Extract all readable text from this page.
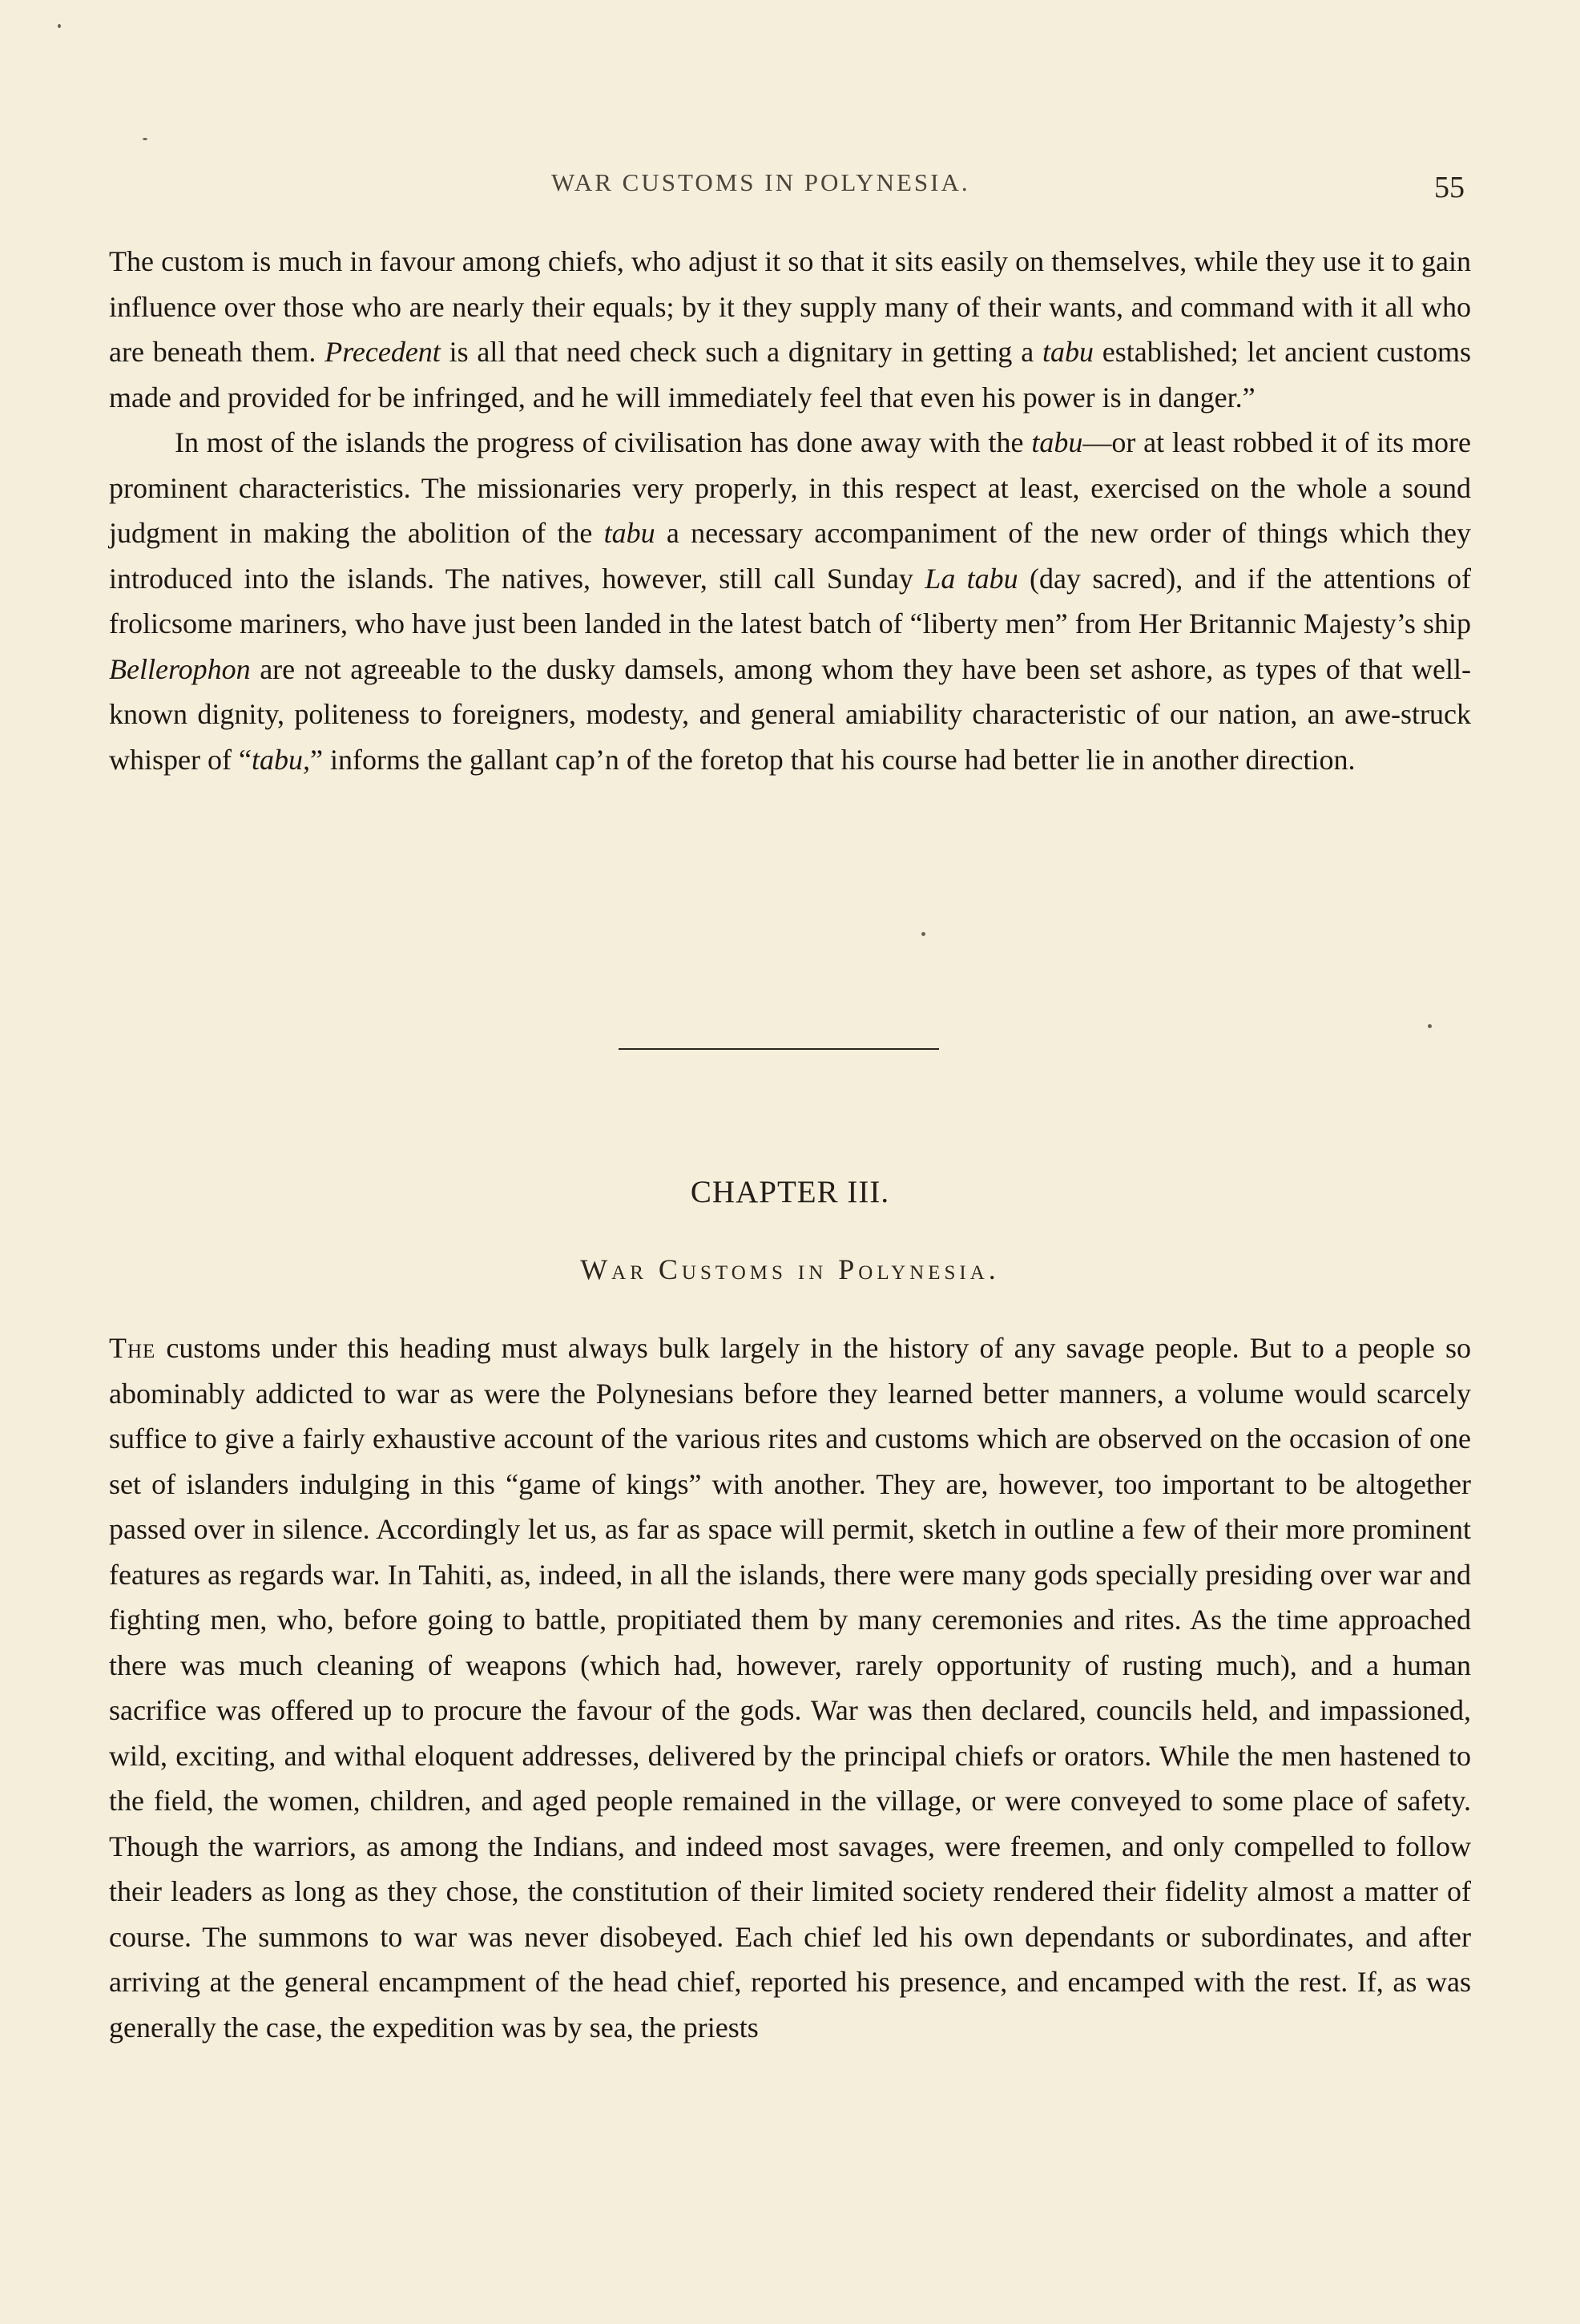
WAR CUSTOMS IN POLYNESIA.	55

The custom is much in favour among chiefs, who adjust it so that it sits easily on themselves, while they use it to gain influence over those who are nearly their equals; by it they supply many of their wants, and command with it all who are beneath them. Precedent is all that need check such a dignitary in getting a tabu established; let ancient customs made and provided for be infringed, and he will immediately feel that even his power is in danger.”

In most of the islands the progress of civilisation has done away with the tabu—or at least robbed it of its more prominent characteristics. The missionaries very properly, in this respect at least, exercised on the whole a sound judgment in making the abolition of the tabu a necessary accompaniment of the new order of things which they introduced into the islands. The natives, however, still call Sunday La tabu (day sacred), and if the attentions of frolicsome mariners, who have just been landed in the latest batch of “liberty men” from Her Britannic Majesty’s ship Bellerophon are not agreeable to the dusky damsels, among whom they have been set ashore, as types of that well-known dignity, politeness to foreigners, modesty, and general amiability characteristic of our nation, an awe-struck whisper of “tabu,” informs the gallant cap’n of the foretop that his course had better lie in another direction.

CHAPTER III.
War Customs in Polynesia.

The customs under this heading must always bulk largely in the history of any savage people. But to a people so abominably addicted to war as were the Polynesians before they learned better manners, a volume would scarcely suffice to give a fairly exhaustive account of the various rites and customs which are observed on the occasion of one set of islanders indulging in this “game of kings” with another. They are, however, too important to be altogether passed over in silence. Accordingly let us, as far as space will permit, sketch in outline a few of their more prominent features as regards war. In Tahiti, as, indeed, in all the islands, there were many gods specially presiding over war and fighting men, who, before going to battle, propitiated them by many ceremonies and rites. As the time approached there was much cleaning of weapons (which had, however, rarely opportunity of rusting much), and a human sacrifice was offered up to procure the favour of the gods. War was then declared, councils held, and impassioned, wild, exciting, and withal eloquent addresses, delivered by the principal chiefs or orators. While the men hastened to the field, the women, children, and aged people remained in the village, or were conveyed to some place of safety. Though the warriors, as among the Indians, and indeed most savages, were freemen, and only compelled to follow their leaders as long as they chose, the constitution of their limited society rendered their fidelity almost a matter of course. The summons to war was never disobeyed. Each chief led his own dependants or subordinates, and after arriving at the general encampment of the head chief, reported his presence, and encamped with the rest. If, as was generally the case, the expedition was by sea, the priests
